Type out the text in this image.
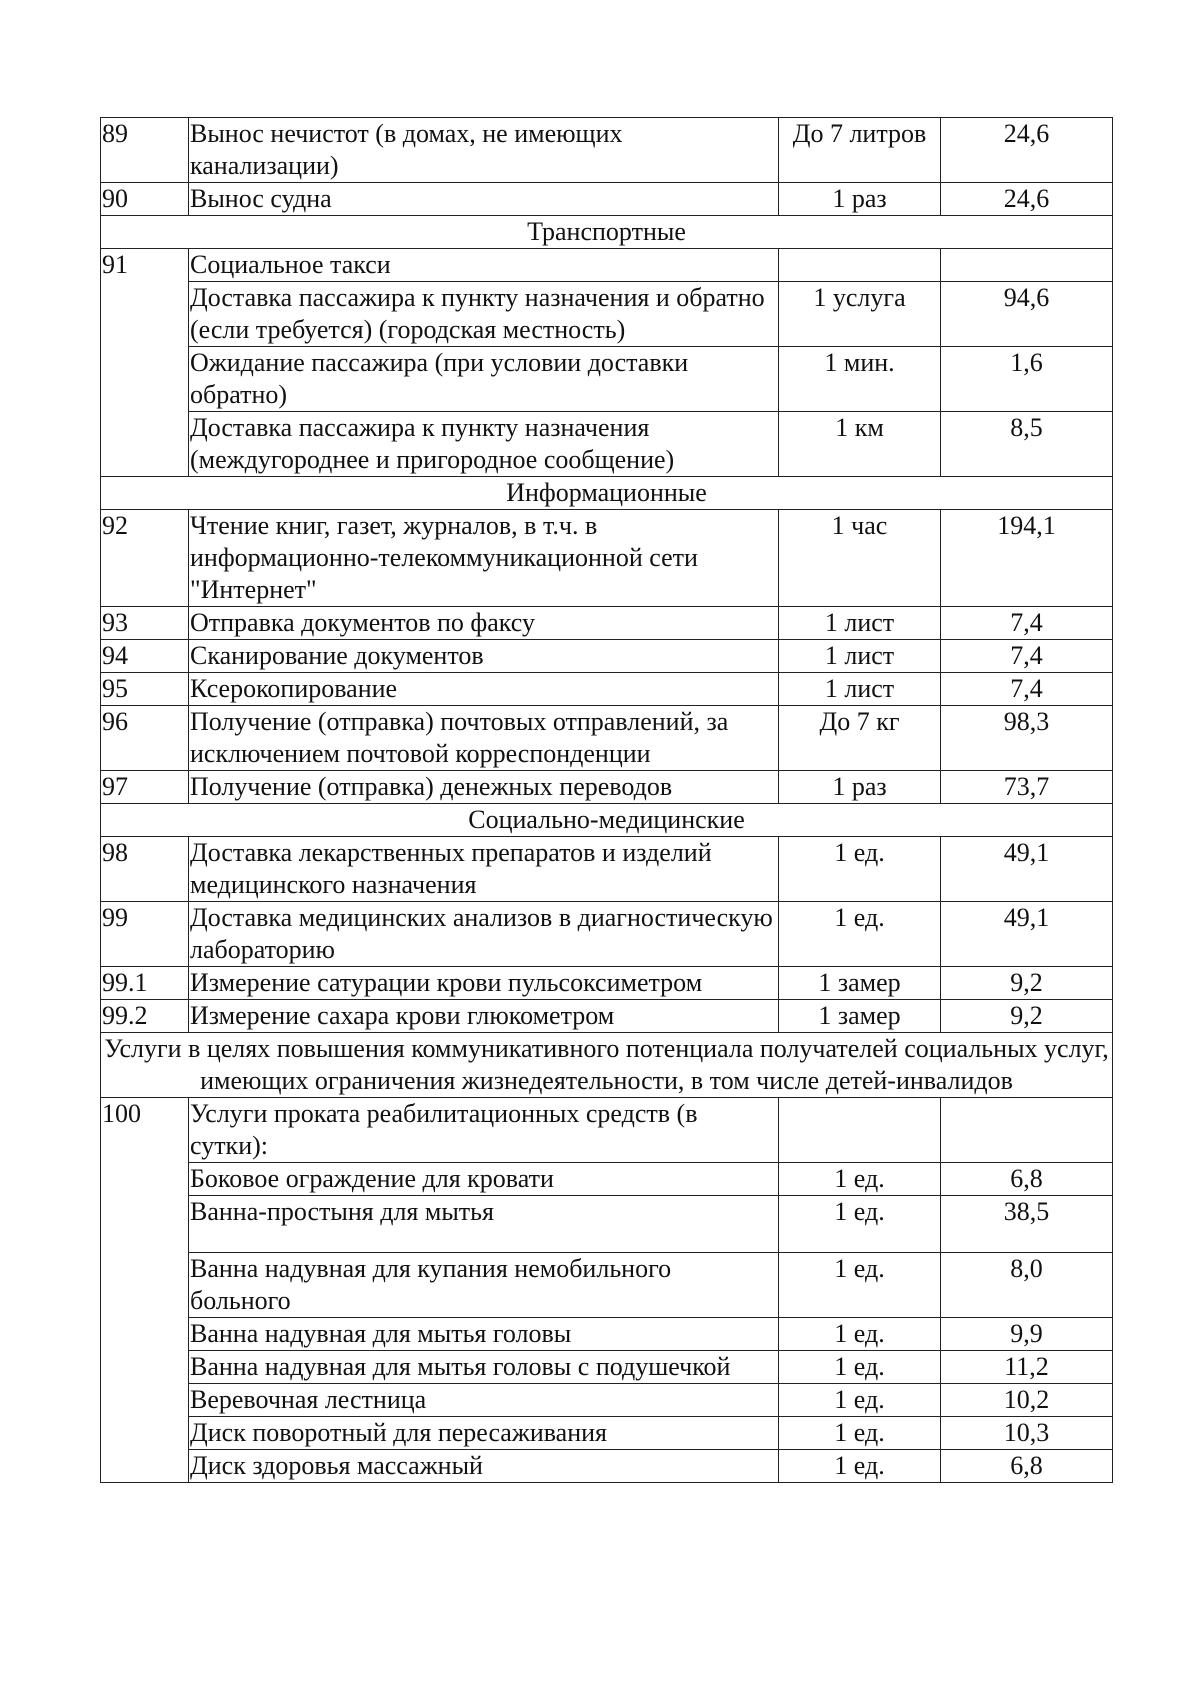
89	Вынос нечистот (в домах, не имеющих канализации)	До 7 литров	24,6
90	Вынос судна	1 раз	24,6
Транспортные			
91	Социальное такси		
	Доставка пассажира к пункту назначения и обратно (если требуется) (городская местность)	1 услуга	94,6
	Ожидание пассажира (при условии доставки обратно)	1 мин.	1,6
	Доставка пассажира к пункту назначения (междугороднее и пригородное сообщение)	1 км	8,5
Информационные			
92	Чтение книг, газет, журналов, в т.ч. в информационно-телекоммуникационной сети "Интернет"	1 час	194,1
93	Отправка документов по факсу	1 лист	7,4
94	Сканирование документов	1 лист	7,4
95	Ксерокопирование	1 лист	7,4
96	Получение (отправка) почтовых отправлений, за исключением почтовой корреспонденции	До 7 кг	98,3
97	Получение (отправка) денежных переводов	1 раз	73,7
Социально-медицинские			
98	Доставка лекарственных препаратов и изделий медицинского назначения	1 ед.	49,1
99	Доставка медицинских анализов в диагностическую лабораторию	1 ед.	49,1
99.1	Измерение сатурации крови пульсоксиметром	1 замер	9,2
99.2	Измерение сахара крови глюкометром	1 замер	9,2
Услуги в целях повышения коммуникативного потенциала получателей социальных услуг, имеющих ограничения жизнедеятельности, в том числе детей-инвалидов			
100	Услуги проката реабилитационных средств (в сутки):		
	Боковое ограждение для кровати	1 ед.	6,8
	Ванна-простыня для мытья	1 ед.	38,5
	Ванна надувная для купания немобильного больного	1 ед.	8,0
	Ванна надувная для мытья головы	1 ед.	9,9
	Ванна надувная для мытья головы с подушечкой	1 ед.	11,2
	Веревочная лестница	1 ед.	10,2
	Диск поворотный для пересаживания	1 ед.	10,3
	Диск здоровья массажный	1 ед.	6,8
